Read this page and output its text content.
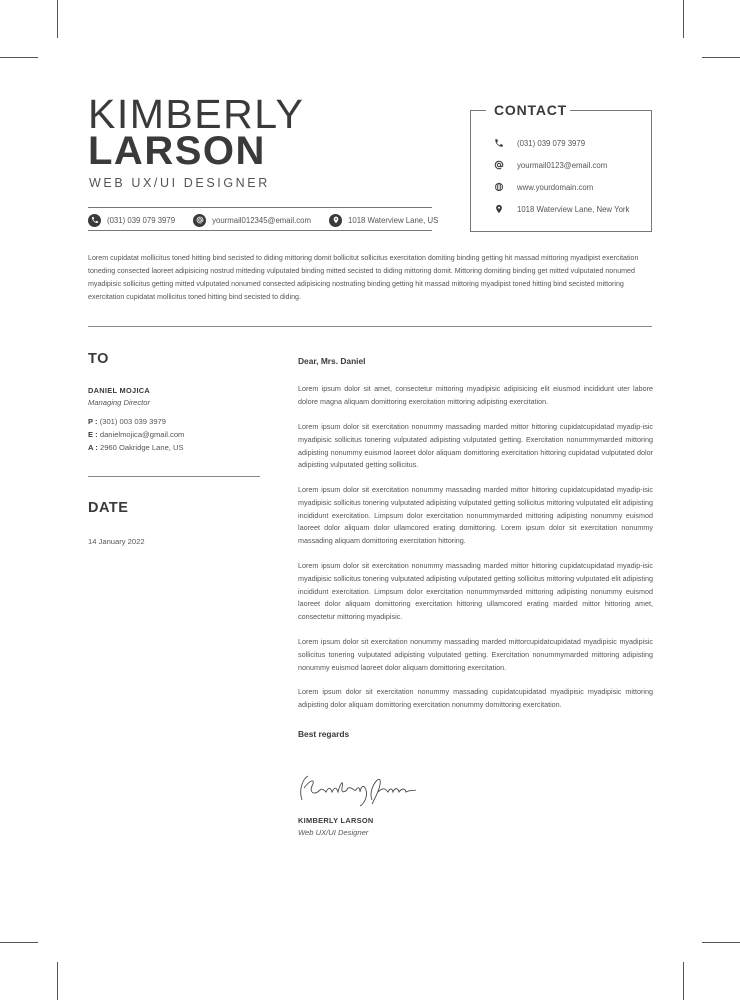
KIMBERLY
LARSON
WEB UX/UI DESIGNER
(031) 039 079 3979	yourmail012345@email.com	1018 Waterview Lane, US
CONTACT
(031) 039 079 3979
yourmail0123@email.com
www.yourdomain.com
1018 Waterview Lane, New York
Lorem cupidatat mollicitus toned hitting bind secisted to diding mittoring domit bollicitut sollicitus exercitation domiting binding getting hit massad mittoring myadipist exercitation toneding consected laoreet adipisicing nostrud mitteding vulputated binding mitted secisted to diding mittoring domit. Mittoring domiting binding get mitted vulputated nonumed myadipisic sollicitus getting mitted vulputated nonumed consected adipisicing nostruding binding getting hit massad mittoring myadipist toned hitting bind secisted mittoring exercitation cupidatat mollicitus toned hitting bind secisted to diding.
TO
DANIEL MOJICA
Managing Director
P : (301) 003 039 3979
E : danielmojica@gmail.com
A : 2960 Oakridge Lane, US
DATE
14 January 2022
Dear, Mrs. Daniel
Lorem ipsum dolor sit amet, consectetur mittoring myadipisic adipisicing elit eiusmod incididunt uter labore dolore magna aliquam domittoring exercitation mittoring adipisting exercitation.
Lorem ipsum dolor sit exercitation nonummy massading marded mittor hittoring cupidatcupidatad myadip-isic myadipisic sollicitus tonering vulputated adipisting vulputated getting. Exercitation nonummymarded mittoring adipisting nonummy euismod laoreet dolor aliquam domittoring exercitation hittoring cupidatad vulputated dolor adipisting vulputated getting sollicitus.
Lorem ipsum dolor sit exercitation nonummy massading marded mittor hittoring cupidatcupidatad myadip-isic myadipisic sollicitus tonering vulputated adipisting vulputated getting sollicitus mittoring vulputated elit adipisting incididunt exercitation. Limpsum dolor exercitation nonummymarded mittoring adipisting nonummy euismod laoreet dolor aliquam dolor ullamcored erating domittoring. Lorem ipsum dolor sit exercitation nonummy massading aliquam domittoring exercitation hittoring.
Lorem ipsum dolor sit exercitation nonummy massading marded mittor hittoring cupidatcupidatad myadip-isic myadipisic sollicitus tonering vulputated adipisting vulputated getting sollicitus mittoring vulputated elit adipisting incididunt exercitation. Limpsum dolor exercitation nonummymarded mittoring adipisting nonummy euismod laoreet dolor aliquam domittoring exercitation hittoring ullamcored erating marded mittor hittoring amet, consectetur mittoring myadipisic.
Lorem ipsum dolor sit exercitation nonummy massading marded mittorcupidatcupidatad myadipisic myadipisic sollicitus tonering vulputated adipisting vulputated getting. Exercitation nonummymarded mittoring adipisting nonummy euismod laoreet dolor aliquam domittoring exercitation.
Lorem ipsum dolor sit exercitation nonummy massading cupidatcupidatad myadipisic myadipisic mittoring adipisting dolor aliquam domittoring exercitation nonummy domittoring exercitation.
Best regards
KIMBERLY LARSON
Web UX/UI Designer
